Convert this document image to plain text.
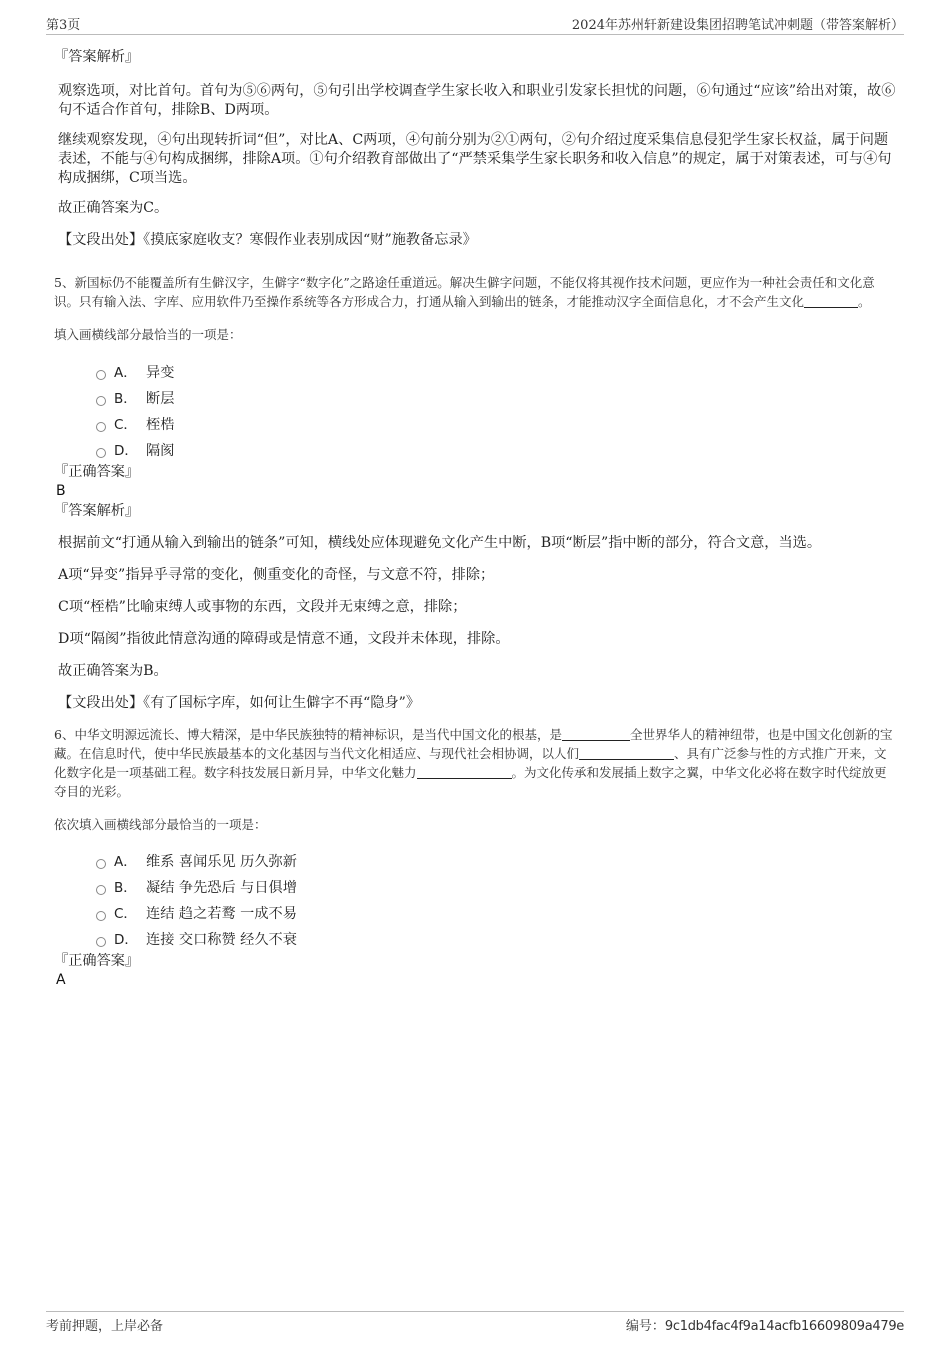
第3页	2024年苏州轩新建设集团招聘笔试冲刺题（带答案解析）

『答案解析』

观察选项，对比首句。首句为⑤⑥两句，⑤句引出学校调查学生家长收入和职业引发家长担忧的问题，⑥句通过“应该”给出对策，故⑥句不适合作首句，排除B、D两项。

继续观察发现，④句出现转折词“但”，对比A、C两项，④句前分别为②①两句，②句介绍过度采集信息侵犯学生家长权益，属于问题表述，不能与④句构成捆绑，排除A项。①句介绍教育部做出了“严禁采集学生家长职务和收入信息”的规定，属于对策表述，可与④句构成捆绑，C项当选。

故正确答案为C。

【文段出处】《摸底家庭收支？寒假作业表别成因“财”施教备忘录》

5、新国标仍不能覆盖所有生僻汉字，生僻字“数字化”之路途任重道远。解决生僻字问题，不能仅将其视作技术问题，更应作为一种社会责任和文化意识。只有输入法、字库、应用软件乃至操作系统等各方形成合力，打通从输入到输出的链条，才能推动汉字全面信息化，才不会产生文化	。

填入画横线部分最恰当的一项是：

A． 异变
B． 断层
C． 桎梏
D． 隔阂

『正确答案』

B

『答案解析』

根据前文“打通从输入到输出的链条”可知，横线处应体现避免文化产生中断，B项“断层”指中断的部分，符合文意，当选。

A项“异变”指异乎寻常的变化，侧重变化的奇怪，与文意不符，排除；

C项“桎梏”比喻束缚人或事物的东西，文段并无束缚之意，排除；

D项“隔阂”指彼此情意沟通的障碍或是情意不通，文段并未体现，排除。

故正确答案为B。

【文段出处】《有了国标字库，如何让生僻字不再“隐身”》

6、中华文明源远流长、博大精深，是中华民族独特的精神标识，是当代中国文化的根基，是	全世界华人的精神纽带，也是中国文化创新的宝藏。在信息时代，使中华民族最基本的文化基因与当代文化相适应、与现代社会相协调，以人们	、具有广泛参与性的方式推广开来，文化数字化是一项基础工程。数字科技发展日新月异，中华文化魅力	。为文化传承和发展插上数字之翼，中华文化必将在数字时代绽放更夺目的光彩。

依次填入画横线部分最恰当的一项是：

A． 维系 喜闻乐见 历久弥新
B． 凝结 争先恐后 与日俱增
C． 连结 趋之若鹜 一成不易
D． 连接 交口称赞 经久不衰

『正确答案』

A

考前押题，上岸必备	编号：9c1db4fac4f9a14acfb16609809a479e
